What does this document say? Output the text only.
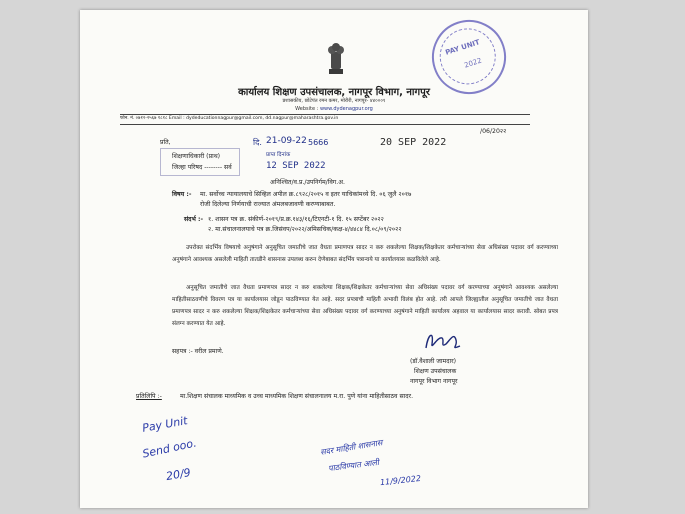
PAY UNIT
2022
कार्यालय शिक्षण उपसंचालक, नागपूर विभाग, नागपूर
प्रशासकीय, छोटेपंत रमन कमर, मोरीरी, नागपूर- ४४०००१
Website : www.dydenagpur.org
फोन. नं. ०७१२-२५६७ १८१८ Email : dydeducationnagpur@gmail.com, dd.nagpur@maharashtra.gov.in
/06/20२२
प्रति,	दि. 21-09-22 5666	20 SEP 2022
प्राप्त दिनांक
12 SEP 2022
शिक्षणाधिकारी (प्राथ)
जिल्हा परिषद -------- सर्व
अनिश्चित/व.प्र./उपनिर्गम/विग.अ.
विषय :- मा. सर्वोच्च न्यायालयाचे सिव्हिल अपील क्र.८९२८/२०१५ व इतर याचिकांमध्ये दि. ०६ जुलै २०१७
रोजी दिलेल्या निर्णयाची राज्यात अंमलबजावणी करण्याबाबत.
संदर्भ :- १. शासन पत्र क्र. संकीर्ण-२०१९/प्र.क्र.१४३/१६/टिएनटी-१ दि. १५ सप्टेंबर २०२२
२. मा.संचालनालयाचे पत्र क्र.जिसंवप/२०२२/अमिसचिक/कक्ष-४/४४८४ दि.०८/०९/२०२२
उपरोक्त संदर्भिय विषयाचे अनुषंगाने अनुसूचित जमातीचे जात वैधता प्रमाणपत्र सादर न करु शकलेल्या शिक्षक/शिक्षकेतर कर्मचाऱ्यांच्या सेवा अधिसंख्य पदावर वर्ग करण्याच्या अनुषंगाने आवश्यक असलेली माहिती तातडीने शासनास उपलब्ध करुन देणेबाबत संदर्भिय पत्रान्वये या कार्यालयास कळविलेले आहे.
अनुसूचित जमातीचे जात वैधता प्रमाणपत्र सादर न करु शकलेल्या शिक्षक/शिक्षकेतर कर्मचाऱ्यांच्या सेवा अधिसंख्य पदावर वर्ग करण्याच्या अनुषंगाने आवश्यक असलेल्या माहितीसाठवणीचे विवरण पत्र या कार्यालयास जोडून पाठविण्यात येत आहे. सदर प्रपत्राची माहिती अभावी विलंब होत आहे. तरी आपले जिल्ह्यातील अनुसूचित जमातीचे जात वैधता प्रमाणपत्र सादर न करु शकलेल्या शिक्षक/शिक्षकेतर कर्मचाऱ्यांच्या सेवा अधिसंख्य पदावर वर्ग करण्याच्या अनुषंगाने माहिती कार्यालय अहवाल या कार्यालयास सादर करावी. सोबत प्रपत्र संलग्न करण्यात येत आहे.
सहपत्र :- वरील प्रमाणे.
(डॉ.वैशाली जामदार)
शिक्षण उपसंचालक
नागपूर विभाग नागपूर
प्रतिलिपि :-	मा.शिक्षण संचालक माध्यमिक व उच्च माध्यमिक शिक्षण संचालनालय म.रा. पुणे यांना माहितीसाठव सादर.
Pay Unit
Send ooo.
20/9
सदर माहिती शासनास
पाठविण्यात आली
11/9/2022
